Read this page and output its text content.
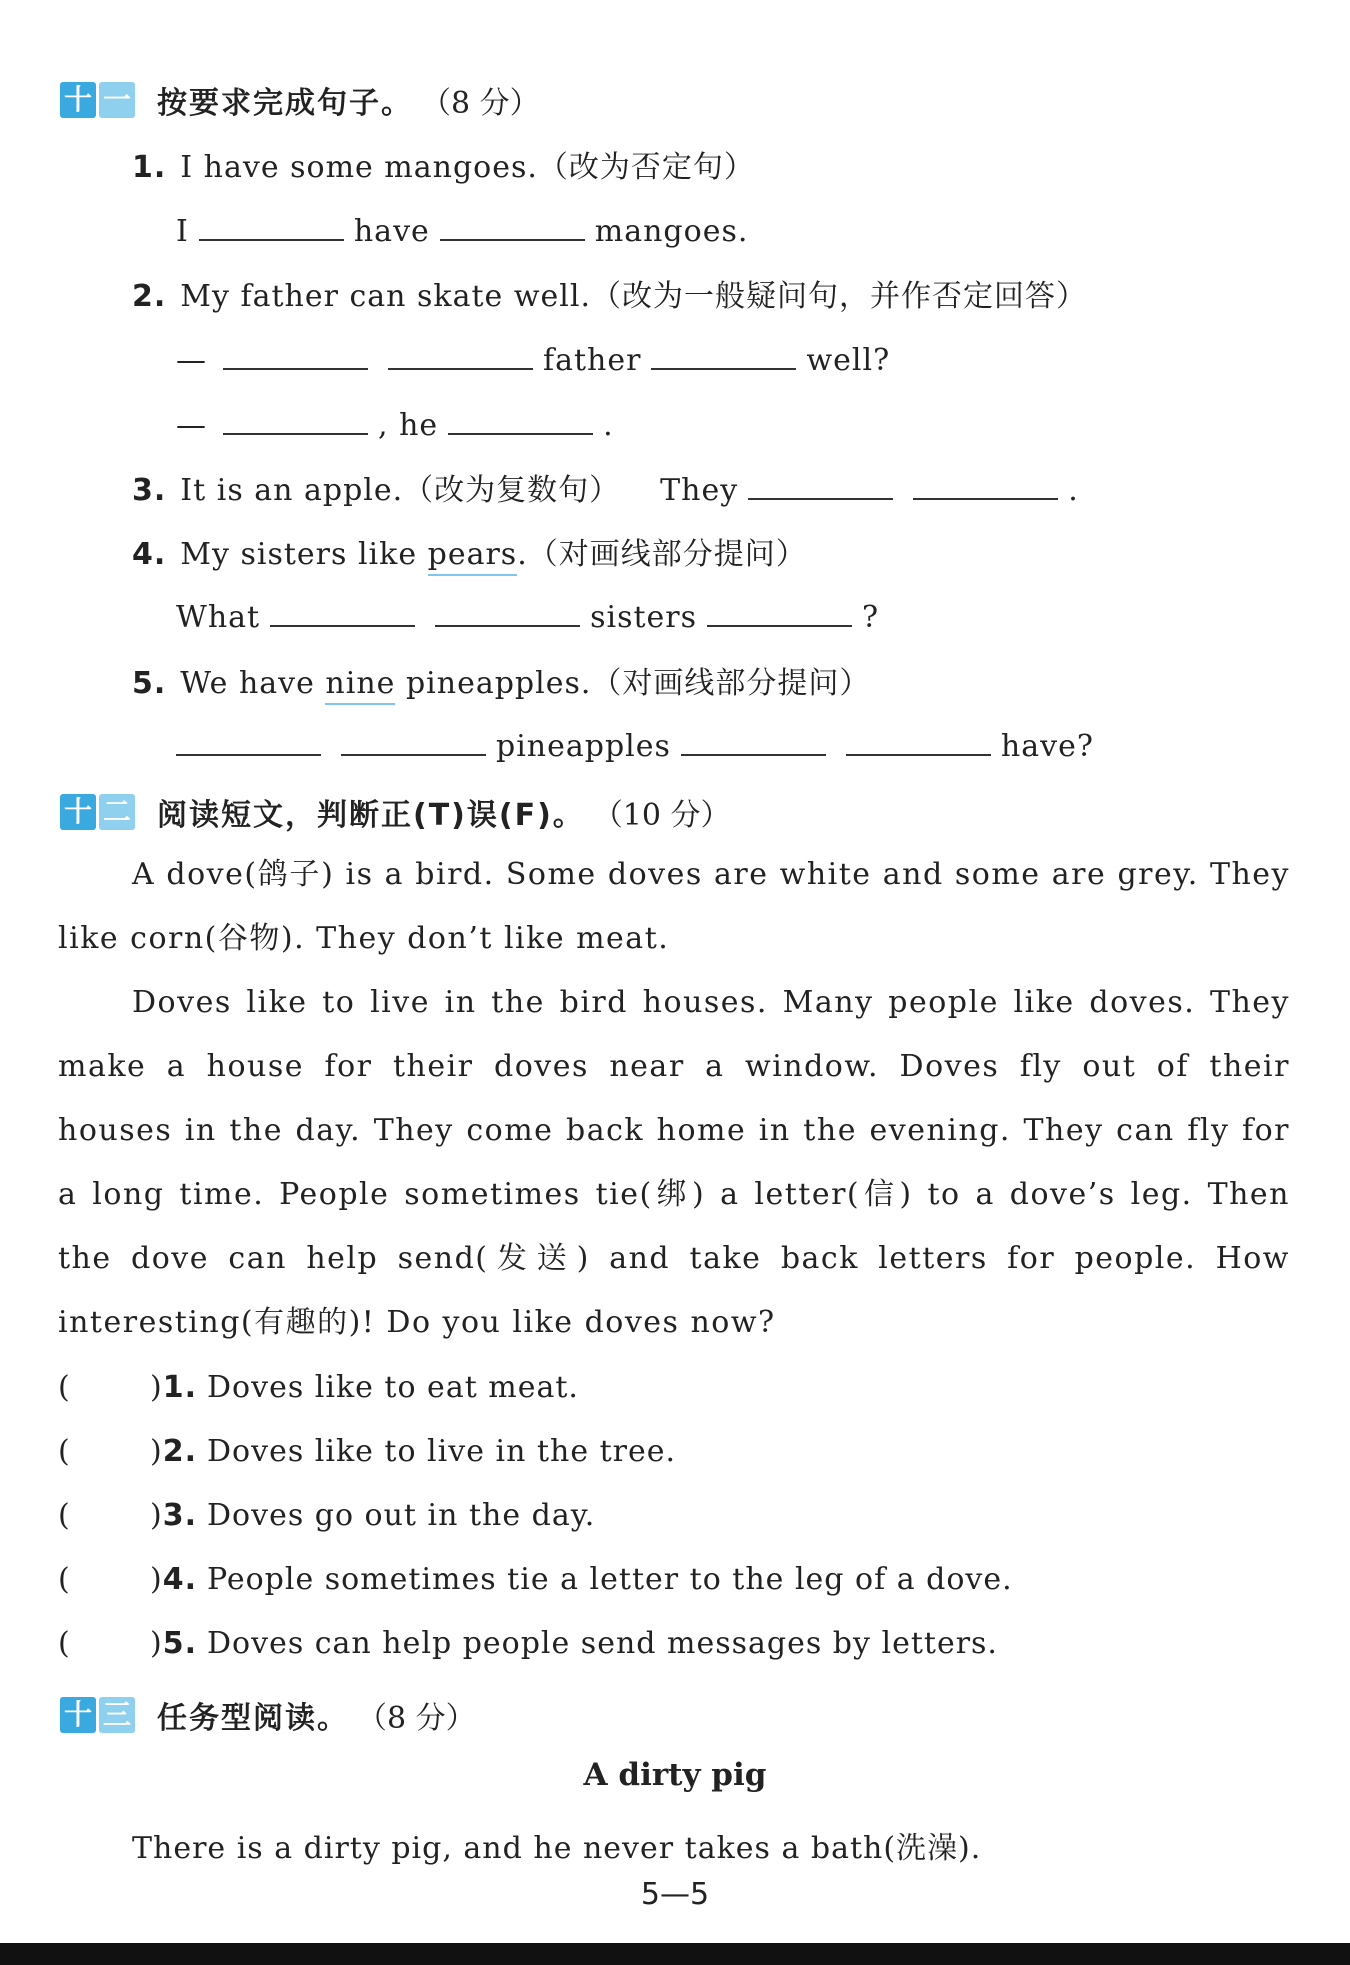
十 一 按要求完成句子。 （8 分）
1. I have some mangoes.（改为否定句）
I	have	mangoes.
2. My father can skate well.（改为一般疑问句，并作否定回答）
—	father	well?
—	, he	.
3. It is an apple.（改为复数句） They	.
4. My sisters like pears.（对画线部分提问）
What	sisters	?
5. We have nine pineapples.（对画线部分提问）
pineapples	have?
十 二 阅读短文，判断正(T)误(F)。 （10 分）

A dove(鸽子) is a bird. Some doves are white and some are grey. They like corn(谷物). They don’t like meat.

Doves like to live in the bird houses. Many people like doves. They make a house for their doves near a window. Doves fly out of their houses in the day. They come back home in the evening. They can fly for a long time. People sometimes tie(绑) a letter(信) to a dove’s leg. Then the dove can help send(发送) and take back letters for people. How interesting(有趣的)! Do you like doves now?

(	)1. Doves like to eat meat.
(	)2. Doves like to live in the tree.
(	)3. Doves go out in the day.
(	)4. People sometimes tie a letter to the leg of a dove.
(	)5. Doves can help people send messages by letters.
十 三 任务型阅读。 （8 分）
A dirty pig
There is a dirty pig, and he never takes a bath(洗澡).
5—5
